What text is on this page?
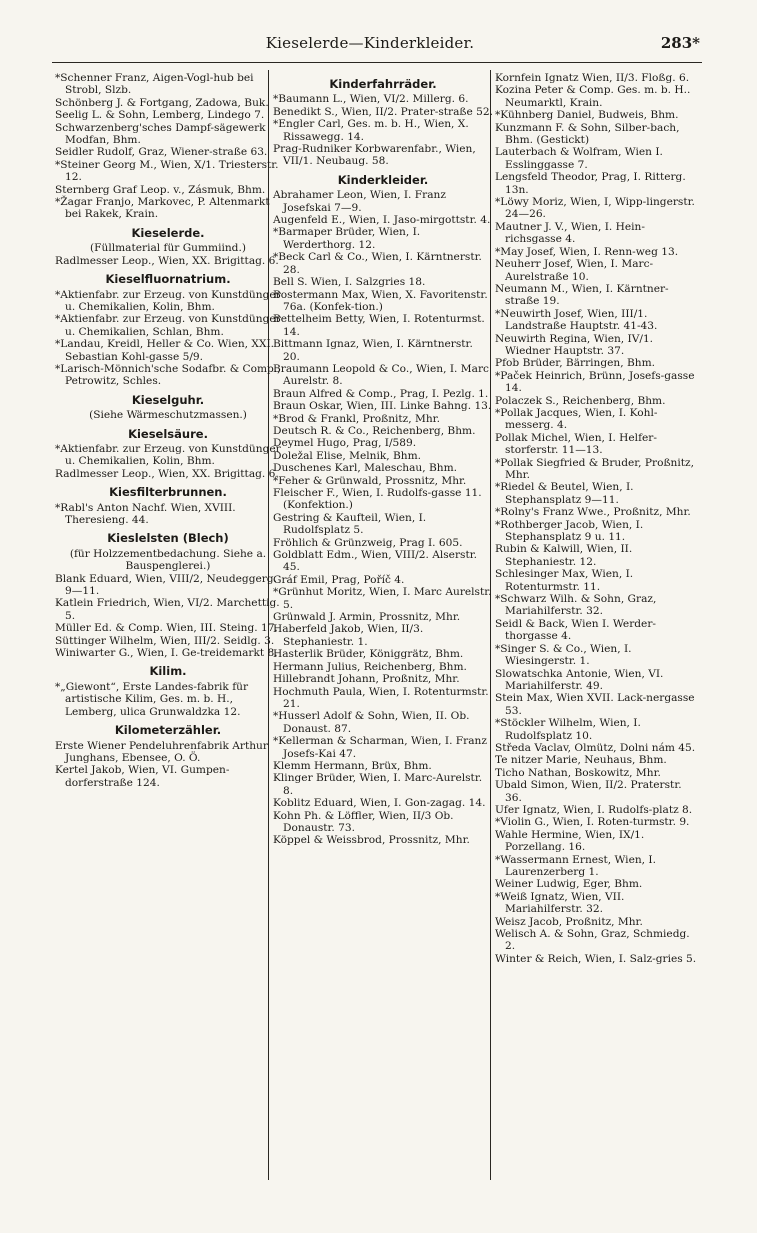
Kieselerde—Kinderkleider.	283*
*Schenner Franz, Aigen-Vogl-hub bei Strobl, Slzb.
Schönberg J. & Fortgang, Zadowa, Buk.
Seelig L. & Sohn, Lemberg, Lindego 7.
Schwarzenberg'sches Dampf-sägewerk Modfan, Bhm.
Seidler Rudolf, Graz, Wiener-straße 63.
*Steiner Georg M., Wien, X/1. Triesterstr. 12.
Sternberg Graf Leop. v., Zásmuk, Bhm.
*Žagar Franjo, Markovec, P. Altenmarkt bei Rakek, Krain.
Kieselerde.
(Füllmaterial für Gummiind.)
Radlmesser Leop., Wien, XX. Brigittag. 6.
Kieselfluornatrium.
*Aktienfabr. zur Erzeug. von Kunstdünger u. Chemikalien, Kolin, Bhm.
*Aktienfabr. zur Erzeug. von Kunstdünger u. Chemikalien, Schlan, Bhm.
*Landau, Kreidl, Heller & Co. Wien, XXI. Sebastian Kohl-gasse 5/9.
*Larisch-Mönnich'sche Sodafbr. & Comp., Petrowitz, Schles.
Kieselguhr.
(Siehe Wärmeschutzmassen.)
Kieselsäure.
*Aktienfabr. zur Erzeug. von Kunstdünger u. Chemikalien, Kolin, Bhm.
Radlmesser Leop., Wien, XX. Brigittag. 6.
Kiesfilterbrunnen.
*Rabl's Anton Nachf. Wien, XVIII. Theresieng. 44.
Kieslelsten (Blech)
(für Holzzementbedachung. Siehe a. Bauspenglerei.)
Blank Eduard, Wien, VIII/2, Neudeggerg. 9—11.
Katlein Friedrich, Wien, VI/2. Marchettig. 5.
Müller Ed. & Comp. Wien, III. Steing. 17.
Süttinger Wilhelm, Wien, III/2. Seidlg. 3.
Winiwarter G., Wien, I. Ge-treidemarkt 8.
Kilim.
*„Giewont“, Erste Landes-fabrik für artistische Kilim, Ges. m. b. H., Lemberg, ulica Grunwaldzka 12.
Kilometerzähler.
Erste Wiener Pendeluhrenfabrik Arthur Junghans, Ebensee, O. Ö.
Kertel Jakob, Wien, VI. Gumpen-dorferstraße 124.
Kinderfahrräder.
*Baumann L., Wien, VI/2. Millerg. 6.
Benedikt S., Wien, II/2. Prater-straße 52.
*Engler Carl, Ges. m. b. H., Wien, X. Rissawegg. 14.
Prag-Rudniker Korbwarenfabr., Wien, VII/1. Neubaug. 58.
Kinderkleider.
Abrahamer Leon, Wien, I. Franz Josefskai 7—9.
Augenfeld E., Wien, I. Jaso-mirgottstr. 4.
*Barmaper Brüder, Wien, I. Werderthorg. 12.
*Beck Carl & Co., Wien, I. Kärntnerstr. 28.
Bell S. Wien, I. Salzgries 18.
Bostermann Max, Wien, X. Favoritenstr. 76a. (Konfek-tion.)
Bettelheim Betty, Wien, I. Rotenturmst. 14.
Bittmann Ignaz, Wien, I. Kärntnerstr. 20.
Braumann Leopold & Co., Wien, I. Marc Aurelstr. 8.
Braun Alfred & Comp., Prag, I. Pezlg. 1.
Braun Oskar, Wien, III. Linke Bahng. 13.
*Brod & Frankl, Proßnitz, Mhr.
Deutsch R. & Co., Reichenberg, Bhm.
Deymel Hugo, Prag, I/589.
Doležal Elise, Melnik, Bhm.
Duschenes Karl, Maleschau, Bhm.
*Feher & Grünwald, Prossnitz, Mhr.
Fleischer F., Wien, I. Rudolfs-gasse 11. (Konfektion.)
Gestring & Kaufteil, Wien, I. Rudolfsplatz 5.
Fröhlich & Grünzweig, Prag I. 605.
Goldblatt Edm., Wien, VIII/2. Alserstr. 45.
Gráf Emil, Prag, Poříč 4.
*Grünhut Moritz, Wien, I. Marc Aurelstr. 5.
Grünwald J. Armin, Prossnitz, Mhr.
Haberfeld Jakob, Wien, II/3. Stephaniestr. 1.
Hasterlik Brüder, Königgrätz, Bhm.
Hermann Julius, Reichenberg, Bhm.
Hillebrandt Johann, Proßnitz, Mhr.
Hochmuth Paula, Wien, I. Rotenturmstr. 21.
*Husserl Adolf & Sohn, Wien, II. Ob. Donaust. 87.
*Kellerman & Scharman, Wien, I. Franz Josefs-Kai 47.
Klemm Hermann, Brüx, Bhm.
Klinger Brüder, Wien, I. Marc-Aurelstr. 8.
Koblitz Eduard, Wien, I. Gon-zagag. 14.
Kohn Ph. & Löffler, Wien, II/3 Ob. Donaustr. 73.
Köppel & Weissbrod, Prossnitz, Mhr.
Kornfein Ignatz Wien, II/3. Floßg. 6.
Kozina Peter & Comp. Ges. m. b. H.. Neumarktl, Krain.
*Kühnberg Daniel, Budweis, Bhm.
Kunzmann F. & Sohn, Silber-bach, Bhm. (Gestickt)
Lauterbach & Wolfram, Wien I. Esslinggasse 7.
Lengsfeld Theodor, Prag, I. Ritterg. 13n.
*Löwy Moriz, Wien, I, Wipp-lingerstr. 24—26.
Mautner J. V., Wien, I. Hein-richsgasse 4.
*May Josef, Wien, I. Renn-weg 13.
Neuherr Josef, Wien, I. Marc-Aurelstraße 10.
Neumann M., Wien, I. Kärntner-straße 19.
*Neuwirth Josef, Wien, III/1. Landstraße Hauptstr. 41-43.
Neuwirth Regina, Wien, IV/1. Wiedner Hauptstr. 37.
Pfob Brüder, Bärringen, Bhm.
*Paček Heinrich, Brünn, Josefs-gasse 14.
Polaczek S., Reichenberg, Bhm.
*Pollak Jacques, Wien, I. Kohl-messerg. 4.
Pollak Michel, Wien, I. Helfer-storferstr. 11—13.
*Pollak Siegfried & Bruder, Proßnitz, Mhr.
*Riedel & Beutel, Wien, I. Stephansplatz 9—11.
*Rolny's Franz Wwe., Proßnitz, Mhr.
*Rothberger Jacob, Wien, I. Stephansplatz 9 u. 11.
Rubin & Kalwill, Wien, II. Stephaniestr. 12.
Schlesinger Max, Wien, I. Rotenturmstr. 11.
*Schwarz Wilh. & Sohn, Graz, Mariahilferstr. 32.
Seidl & Back, Wien I. Werder-thorgasse 4.
*Singer S. & Co., Wien, I. Wiesingerstr. 1.
Slowatschka Antonie, Wien, VI. Mariahilferstr. 49.
Stein Max, Wien XVII. Lack-nergasse 53.
*Stöckler Wilhelm, Wien, I. Rudolfsplatz 10.
Středa Vaclav, Olmütz, Dolni nám 45.
Te nitzer Marie, Neuhaus, Bhm.
Ticho Nathan, Boskowitz, Mhr.
Ubald Simon, Wien, II/2. Praterstr. 36.
Ufer Ignatz, Wien, I. Rudolfs-platz 8.
*Violin G., Wien, I. Roten-turmstr. 9.
Wahle Hermine, Wien, IX/1. Porzellang. 16.
*Wassermann Ernest, Wien, I. Laurenzerberg 1.
Weiner Ludwig, Eger, Bhm.
*Weiß Ignatz, Wien, VII. Mariahilferstr. 32.
Weisz Jacob, Proßnitz, Mhr.
Welisch A. & Sohn, Graz, Schmiedg. 2.
Winter & Reich, Wien, I. Salz-gries 5.
